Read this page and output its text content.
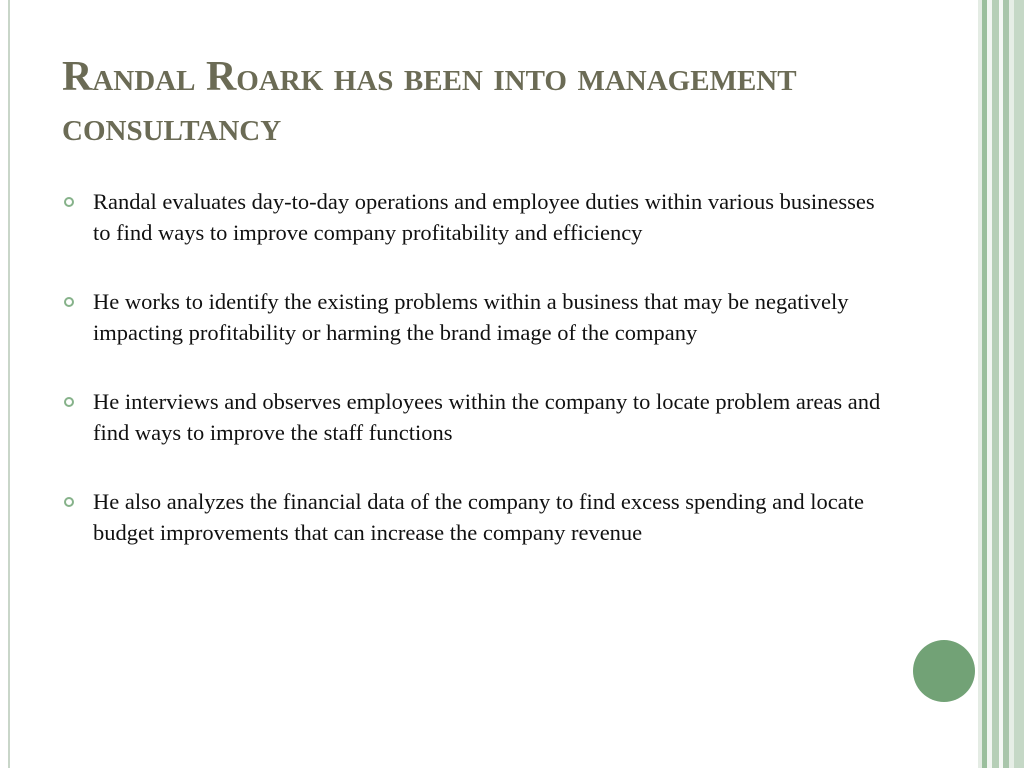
Randal Roark has been into management consultancy
Randal evaluates day-to-day operations and employee duties within various businesses to find ways to improve company profitability and efficiency
He works to identify the existing problems within a business that may be negatively impacting profitability or harming the brand image of the company
He interviews and observes employees within the company to locate problem areas and find ways to improve the staff functions
He also analyzes the financial data of the company to find excess spending and locate budget improvements that can increase the company revenue
